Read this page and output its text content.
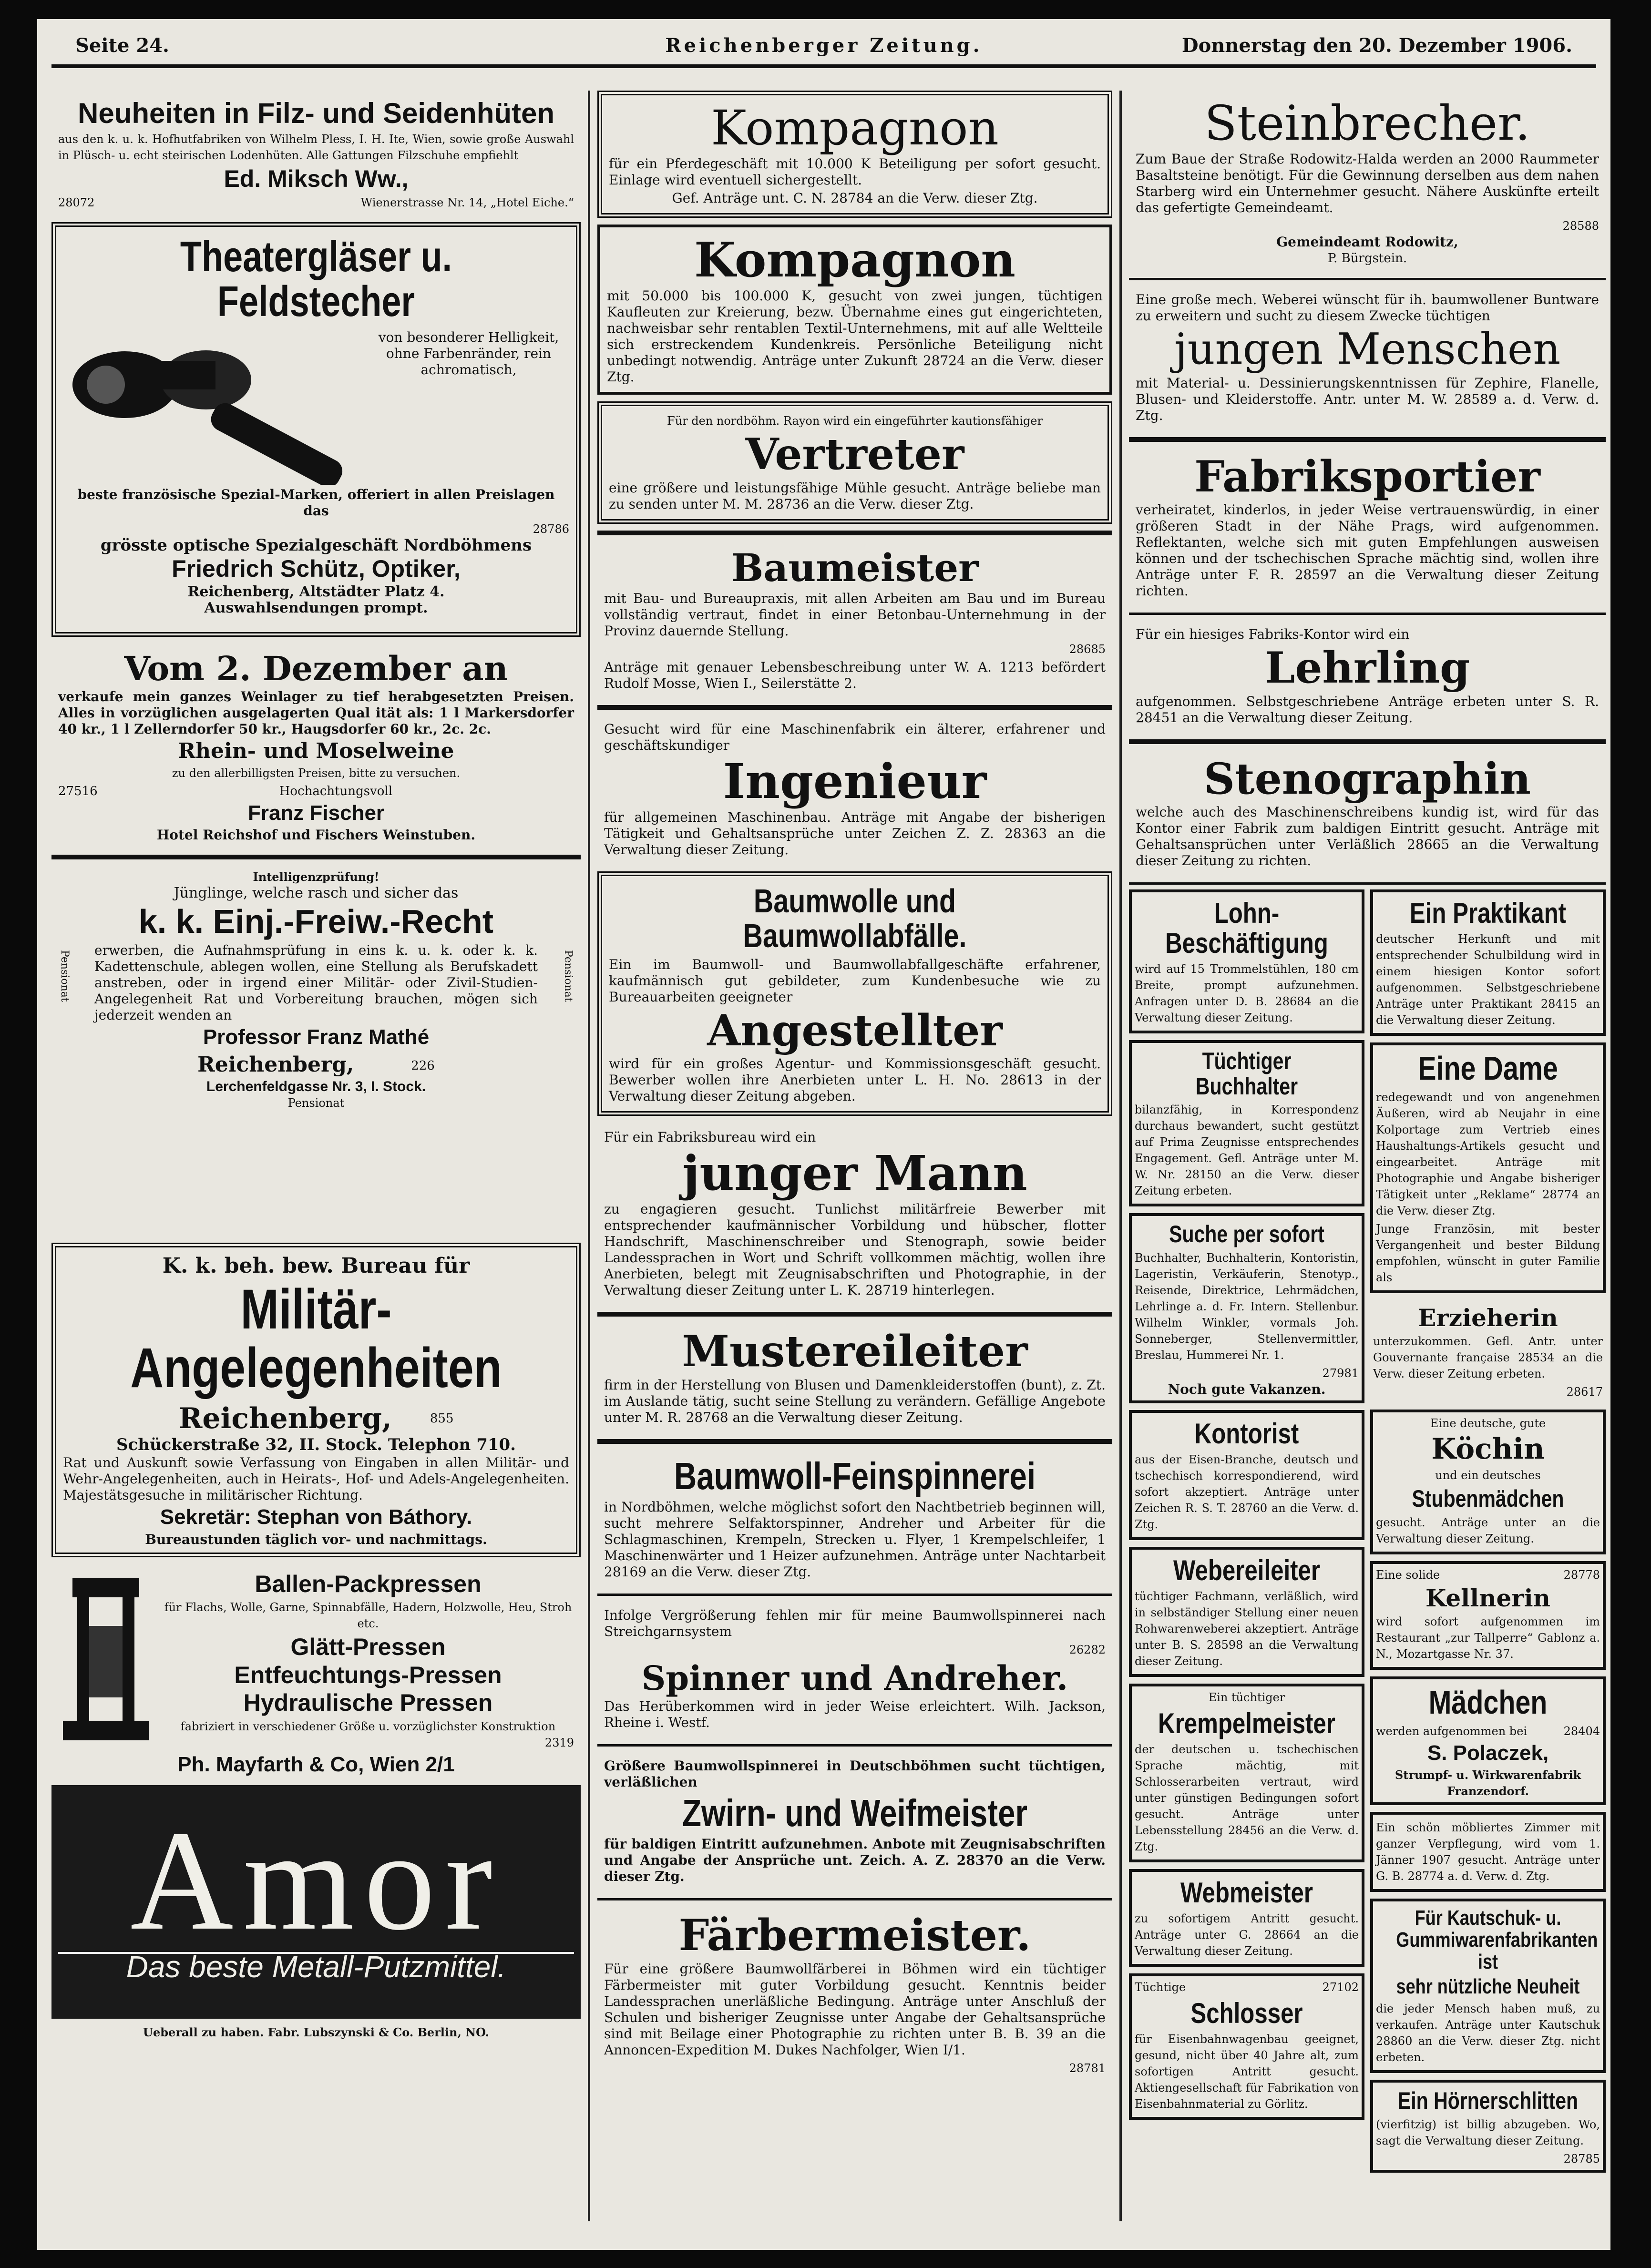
Seite 24.	Reichenberger Zeitung.	Donnerstag den 20. Dezember 1906.
Neuheiten in Filz- und Seidenhüten
aus den k. u. k. Hofhutfabriken von Wilhelm Pless, I. H. Ite, Wien, sowie große Auswahl in Plüsch- u. echt steirischen Lodenhüten. Alle Gattungen Filzschuhe empfiehlt
Ed. Miksch Ww.,
28072	Wienerstrasse Nr. 14, „Hotel Eiche.“
Theatergläser u. Feldstecher
von besonderer Helligkeit, ohne Farbenränder, rein achromatisch,
beste französische Spezial-Marken, offeriert in allen Preislagen das
28786
grösste optische Spezialgeschäft Nordböhmens
Friedrich Schütz, Optiker,
Reichenberg, Altstädter Platz 4.
Auswahlsendungen prompt.
Vom 2. Dezember an
verkaufe mein ganzes Weinlager zu tief herabgesetzten Preisen. Alles in vorzüglichen ausgelagerten Qual ität als: 1 l Markersdorfer 40 kr., 1 l Zellerndorfer 50 kr., Haugsdorfer 60 kr., 2c. 2c.
Rhein- und Moselweine
zu den allerbilligsten Preisen, bitte zu versuchen.
27516	Hochachtungsvoll
Franz Fischer
Hotel Reichshof und Fischers Weinstuben.
Pensionat	Pensionat
Intelligenzprüfung!
Jünglinge, welche rasch und sicher das
k. k. Einj.-Freiw.-Recht
erwerben, die Aufnahmsprüfung in eins k. u. k. oder k. k. Kadettenschule, ablegen wollen, eine Stellung als Berufskadett anstreben, oder in irgend einer Militär- oder Zivil-Studien-Angelegenheit Rat und Vorbereitung brauchen, mögen sich jederzeit wenden an
Professor Franz Mathé
Reichenberg,	226
Lerchenfeldgasse Nr. 3, I. Stock.
Pensionat
K. k. beh. bew. Bureau für
Militär-Angelegenheiten
Reichenberg,	855
Schückerstraße 32, II. Stock. Telephon 710.
Rat und Auskunft sowie Verfassung von Eingaben in allen Militär- und Wehr-Angelegenheiten, auch in Heirats-, Hof- und Adels-Angelegenheiten. Majestätsgesuche in militärischer Richtung.
Sekretär: Stephan von Báthory.
Bureaustunden täglich vor- und nachmittags.
Ballen-Packpressen
für Flachs, Wolle, Garne, Spinnabfälle, Hadern, Holzwolle, Heu, Stroh etc.
Glätt-Pressen
Entfeuchtungs-Pressen
Hydraulische Pressen
fabriziert in verschiedener Größe u. vorzüglichster Konstruktion
2319
Ph. Mayfarth & Co, Wien 2/1
Amor
Das beste Metall-Putzmittel.
Ueberall zu haben. Fabr. Lubszynski & Co. Berlin, NO.
Kompagnon
für ein Pferdegeschäft mit 10.000 K Beteiligung per sofort gesucht. Einlage wird eventuell sichergestellt.
Gef. Anträge unt. C. N. 28784 an die Verw. dieser Ztg.
Kompagnon
mit 50.000 bis 100.000 K, gesucht von zwei jungen, tüchtigen Kaufleuten zur Kreierung, bezw. Übernahme eines gut eingerichteten, nachweisbar sehr rentablen Textil-Unternehmens, mit auf alle Weltteile sich erstreckendem Kundenkreis. Persönliche Beteiligung nicht unbedingt notwendig. Anträge unter Zukunft 28724 an die Verw. dieser Ztg.
Für den nordböhm. Rayon wird ein eingeführter kautionsfähiger
Vertreter
eine größere und leistungsfähige Mühle gesucht. Anträge beliebe man zu senden unter M. M. 28736 an die Verw. dieser Ztg.
Baumeister
mit Bau- und Bureaupraxis, mit allen Arbeiten am Bau und im Bureau vollständig vertraut, findet in einer Betonbau-Unternehmung in der Provinz dauernde Stellung.
28685
Anträge mit genauer Lebensbeschreibung unter W. A. 1213 befördert Rudolf Mosse, Wien I., Seilerstätte 2.
Gesucht wird für eine Maschinenfabrik ein älterer, erfahrener und geschäftskundiger
Ingenieur
für allgemeinen Maschinenbau. Anträge mit Angabe der bisherigen Tätigkeit und Gehaltsansprüche unter Zeichen Z. Z. 28363 an die Verwaltung dieser Zeitung.
Baumwolle und Baumwollabfälle.
Ein im Baumwoll- und Baumwollabfallgeschäfte erfahrener, kaufmännisch gut gebildeter, zum Kundenbesuche wie zu Bureauarbeiten geeigneter
Angestellter
wird für ein großes Agentur- und Kommissionsgeschäft gesucht. Bewerber wollen ihre Anerbieten unter L. H. No. 28613 in der Verwaltung dieser Zeitung abgeben.
Für ein Fabriksbureau wird ein
junger Mann
zu engagieren gesucht. Tunlichst militärfreie Bewerber mit entsprechender kaufmännischer Vorbildung und hübscher, flotter Handschrift, Maschinenschreiber und Stenograph, sowie beider Landessprachen in Wort und Schrift vollkommen mächtig, wollen ihre Anerbieten, belegt mit Zeugnisabschriften und Photographie, in der Verwaltung dieser Zeitung unter L. K. 28719 hinterlegen.
Mustereileiter
firm in der Herstellung von Blusen und Damenkleiderstoffen (bunt), z. Zt. im Auslande tätig, sucht seine Stellung zu verändern. Gefällige Angebote unter M. R. 28768 an die Verwaltung dieser Zeitung.
Baumwoll-Feinspinnerei
in Nordböhmen, welche möglichst sofort den Nachtbetrieb beginnen will, sucht mehrere Selfaktorspinner, Andreher und Arbeiter für die Schlagmaschinen, Krempeln, Strecken u. Flyer, 1 Krempelschleifer, 1 Maschinenwärter und 1 Heizer aufzunehmen. Anträge unter Nachtarbeit 28169 an die Verw. dieser Ztg.
Infolge Vergrößerung fehlen mir für meine Baumwollspinnerei nach Streichgarnsystem
26282
Spinner und Andreher.
Das Herüberkommen wird in jeder Weise erleichtert. Wilh. Jackson, Rheine i. Westf.
Größere Baumwollspinnerei in Deutschböhmen sucht tüchtigen, verläßlichen
Zwirn- und Weifmeister
für baldigen Eintritt aufzunehmen. Anbote mit Zeugnisabschriften und Angabe der Ansprüche unt. Zeich. A. Z. 28370 an die Verw. dieser Ztg.
Färbermeister.
Für eine größere Baumwollfärberei in Böhmen wird ein tüchtiger Färbermeister mit guter Vorbildung gesucht. Kenntnis beider Landessprachen unerläßliche Bedingung. Anträge unter Anschluß der Schulen und bisheriger Zeugnisse unter Angabe der Gehaltsansprüche sind mit Beilage einer Photographie zu richten unter B. B. 39 an die Annoncen-Expedition M. Dukes Nachfolger, Wien I/1.
28781
Steinbrecher.
Zum Baue der Straße Rodowitz-Halda werden an 2000 Raummeter Basaltsteine benötigt. Für die Gewinnung derselben aus dem nahen Starberg wird ein Unternehmer gesucht. Nähere Auskünfte erteilt das gefertigte Gemeindeamt.
28588
Gemeindeamt Rodowitz,
P. Bürgstein.
Eine große mech. Weberei wünscht für ih. baumwollener Buntware zu erweitern und sucht zu diesem Zwecke tüchtigen
jungen Menschen
mit Material- u. Dessinierungskenntnissen für Zephire, Flanelle, Blusen- und Kleiderstoffe. Antr. unter M. W. 28589 a. d. Verw. d. Ztg.
Fabriksportier
verheiratet, kinderlos, in jeder Weise vertrauenswürdig, in einer größeren Stadt in der Nähe Prags, wird aufgenommen. Reflektanten, welche sich mit guten Empfehlungen ausweisen können und der tschechischen Sprache mächtig sind, wollen ihre Anträge unter F. R. 28597 an die Verwaltung dieser Zeitung richten.
Für ein hiesiges Fabriks-Kontor wird ein
Lehrling
aufgenommen. Selbstgeschriebene Anträge erbeten unter S. R. 28451 an die Verwaltung dieser Zeitung.
Stenographin
welche auch des Maschinenschreibens kundig ist, wird für das Kontor einer Fabrik zum baldigen Eintritt gesucht. Anträge mit Gehaltsansprüchen unter Verläßlich 28665 an die Verwaltung dieser Zeitung zu richten.
Lohn-Beschäftigung
wird auf 15 Trommelstühlen, 180 cm Breite, prompt aufzunehmen. Anfragen unter D. B. 28684 an die Verwaltung dieser Zeitung.
Tüchtiger Buchhalter
bilanzfähig, in Korrespondenz durchaus bewandert, sucht gestützt auf Prima Zeugnisse entsprechendes Engagement. Gefl. Anträge unter M. W. Nr. 28150 an die Verw. dieser Zeitung erbeten.
Suche per sofort
Buchhalter, Buchhalterin, Kontoristin, Lageristin, Verkäuferin, Stenotyp., Reisende, Direktrice, Lehrmädchen, Lehrlinge a. d. Fr. Intern. Stellenbur. Wilhelm Winkler, vormals Joh. Sonneberger, Stellenvermittler, Breslau, Hummerei Nr. 1.
27981
Noch gute Vakanzen.
Kontorist
aus der Eisen-Branche, deutsch und tschechisch korrespondierend, wird sofort akzeptiert. Anträge unter Zeichen R. S. T. 28760 an die Verw. d. Ztg.
Webereileiter
tüchtiger Fachmann, verläßlich, wird in selbständiger Stellung einer neuen Rohwarenweberei akzeptiert. Anträge unter B. S. 28598 an die Verwaltung dieser Zeitung.
Ein tüchtiger
Krempelmeister
der deutschen u. tschechischen Sprache mächtig, mit Schlosserarbeiten vertraut, wird unter günstigen Bedingungen sofort gesucht. Anträge unter Lebensstellung 28456 an die Verw. d. Ztg.
Webmeister
zu sofortigem Antritt gesucht. Anträge unter G. 28664 an die Verwaltung dieser Zeitung.
Tüchtige	27102
Schlosser
für Eisenbahnwagenbau geeignet, gesund, nicht über 40 Jahre alt, zum sofortigen Antritt gesucht. Aktiengesellschaft für Fabrikation von Eisenbahnmaterial zu Görlitz.
Ein Praktikant
deutscher Herkunft und mit entsprechender Schulbildung wird in einem hiesigen Kontor sofort aufgenommen. Selbstgeschriebene Anträge unter Praktikant 28415 an die Verwaltung dieser Zeitung.
Eine Dame
redegewandt und von angenehmen Äußeren, wird ab Neujahr in eine Kolportage zum Vertrieb eines Haushaltungs-Artikels gesucht und eingearbeitet. Anträge mit Photographie und Angabe bisheriger Tätigkeit unter „Reklame“ 28774 an die Verw. dieser Ztg.
Junge Französin, mit bester Vergangenheit und bester Bildung empfohlen, wünscht in guter Familie als
Erzieherin
unterzukommen. Gefl. Antr. unter Gouvernante française 28534 an die Verw. dieser Zeitung erbeten.
28617
Eine deutsche, gute
Köchin
und ein deutsches
Stubenmädchen
gesucht. Anträge unter an die Verwaltung dieser Zeitung.
Eine solide	28778
Kellnerin
wird sofort aufgenommen im Restaurant „zur Tallperre“ Gablonz a. N., Mozartgasse Nr. 37.
Mädchen
werden aufgenommen bei	28404
S. Polaczek,
Strumpf- u. Wirkwarenfabrik Franzendorf.
Ein schön möbliertes Zimmer mit ganzer Verpflegung, wird vom 1. Jänner 1907 gesucht. Anträge unter G. B. 28774 a. d. Verw. d. Ztg.
Für Kautschuk- u. Gummiwarenfabrikanten ist
sehr nützliche Neuheit
die jeder Mensch haben muß, zu verkaufen. Anträge unter Kautschuk 28860 an die Verw. dieser Ztg. nicht erbeten.
Ein Hörnerschlitten
(vierfitzig) ist billig abzugeben. Wo, sagt die Verwaltung dieser Zeitung.
28785
